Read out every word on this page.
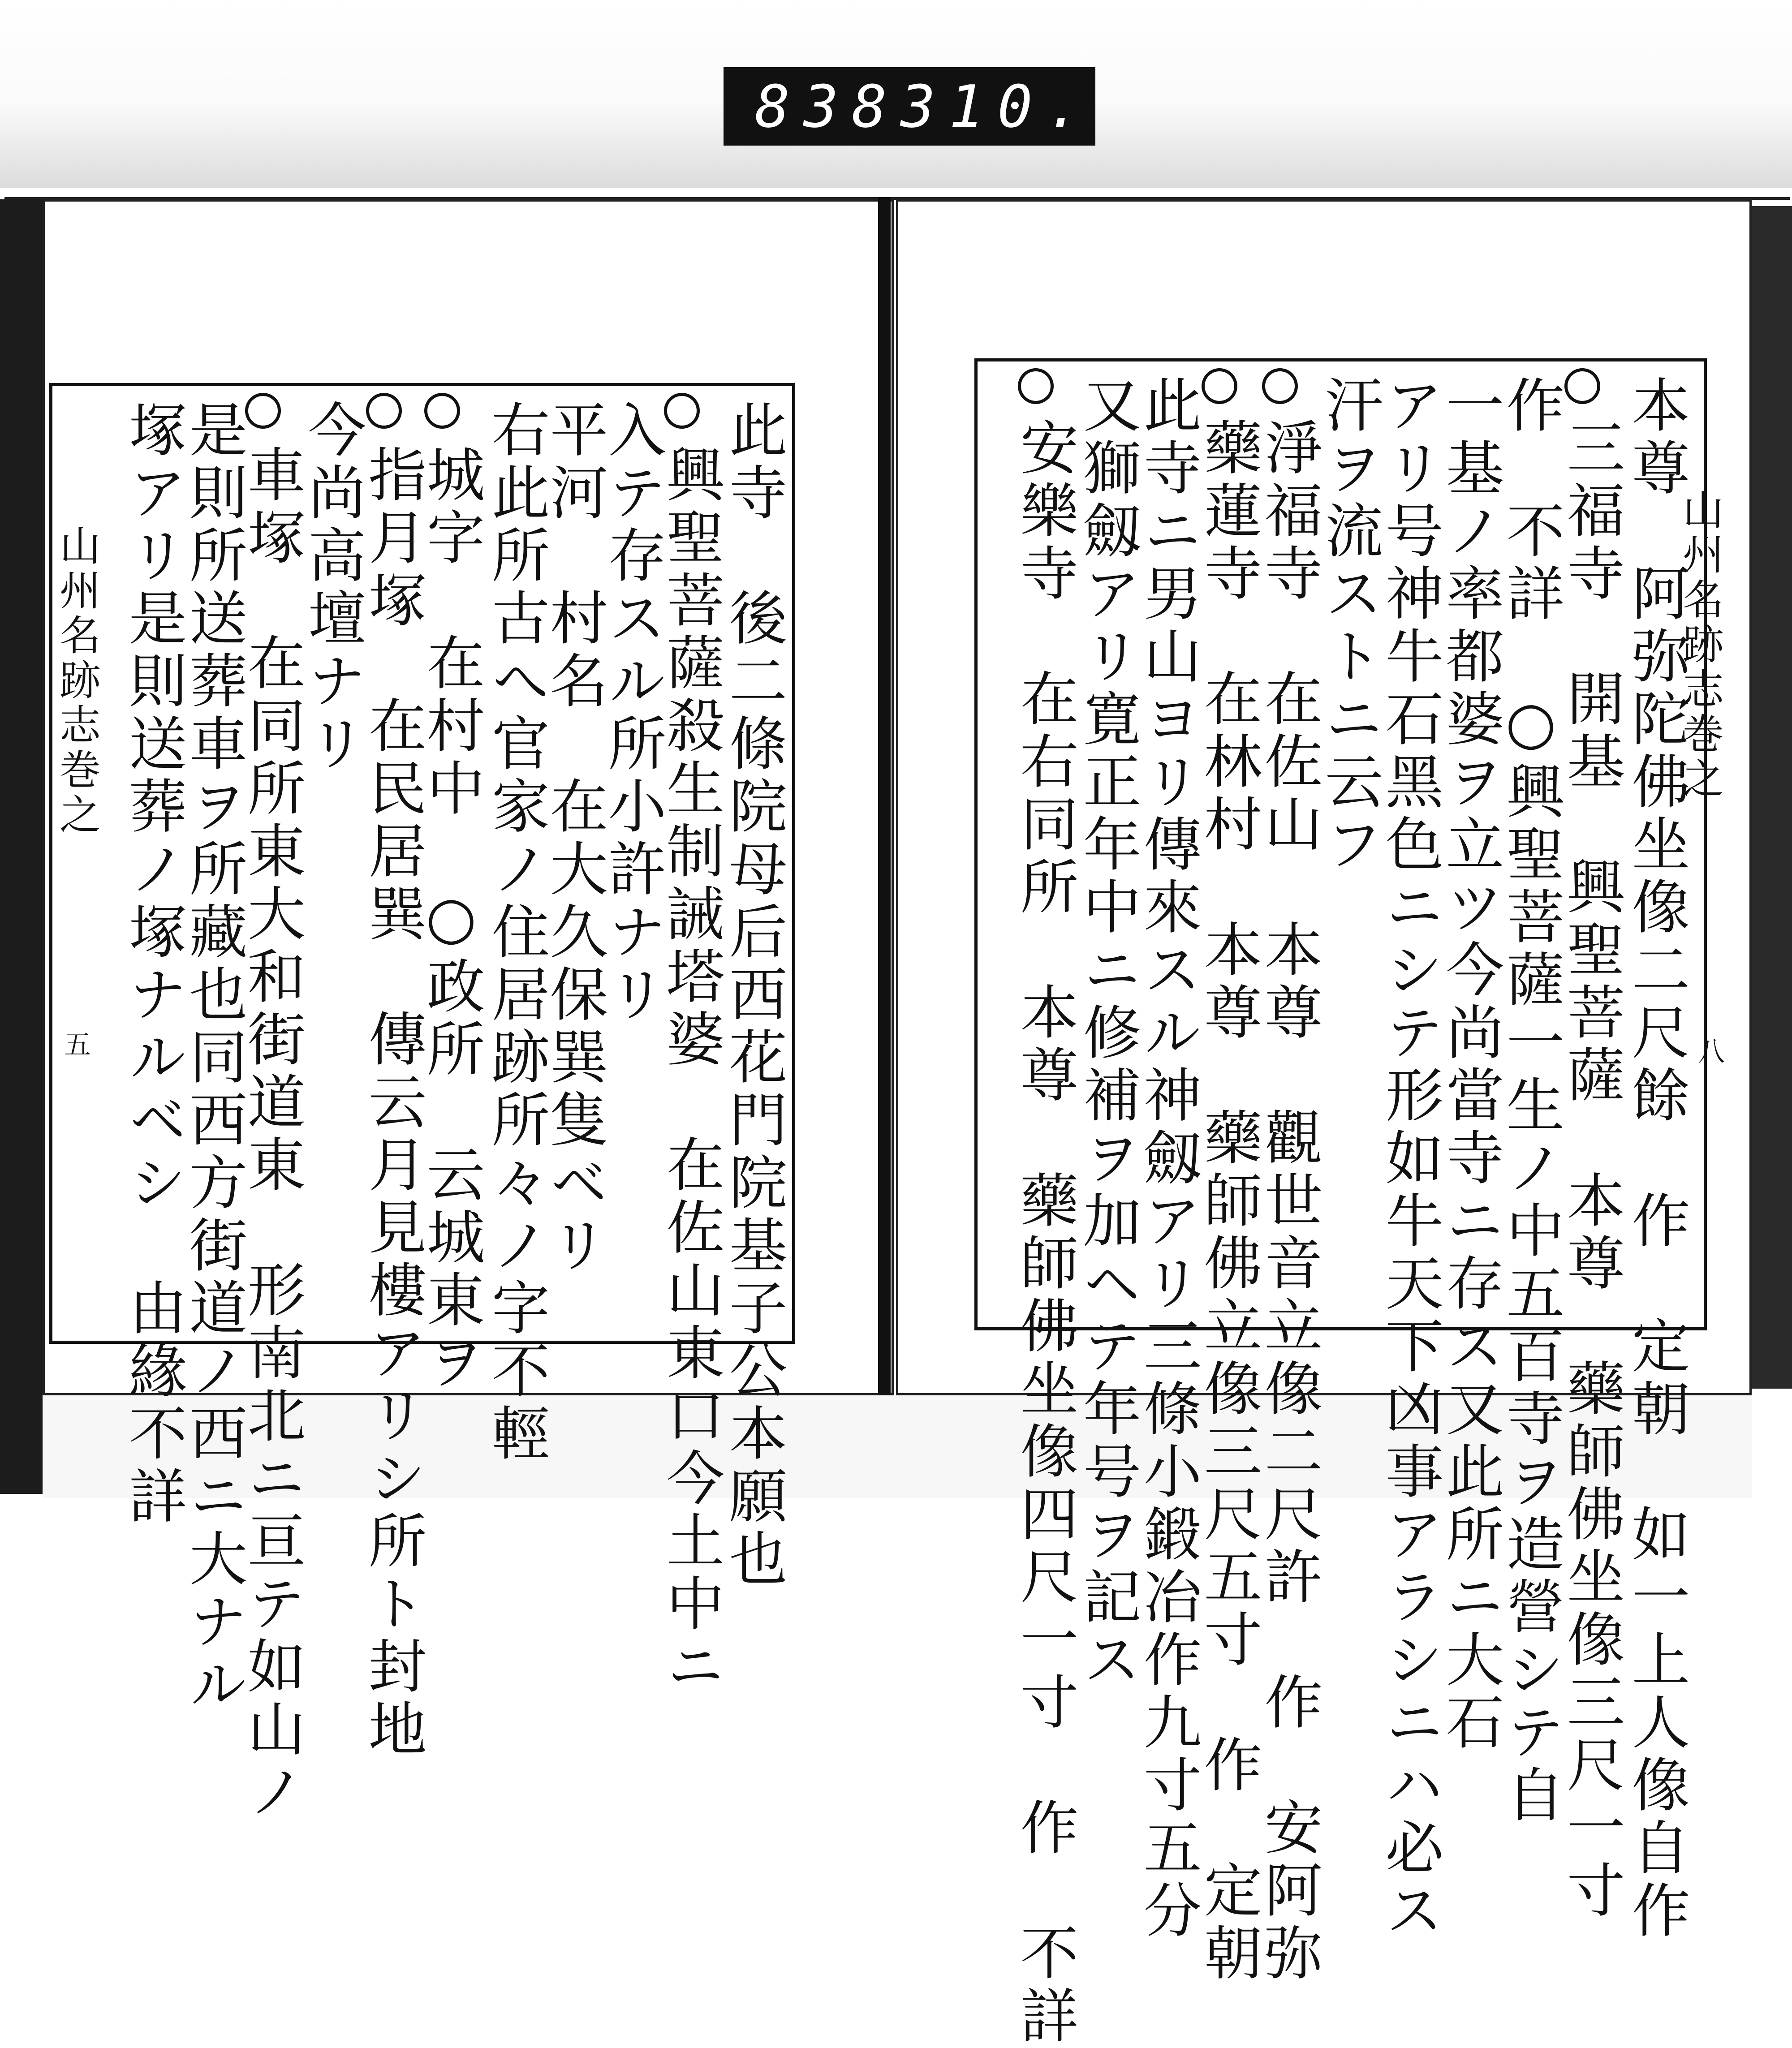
838 310.
此寺　後二條院母后西花門院基子公本願也
興聖菩薩殺生制誡塔婆　在佐山東口今土中ニ
入テ存スル所小許ナリ
平河　村名　在大久保巽隻ベリ
右此所古へ官家ノ住居跡所々ノ字不輕
城字　在村中　○政所　云城東ヲ
指月塚　在民居巽　傳云月見樓アリシ所ト封地
今尚高壇ナリ
車塚　在同所東大和街道東　形南北ニ亘テ如山ノ
是則所送葬車ヲ所藏也同西方街道ノ西ニ大ナル
塚アリ是則送葬ノ塚ナルベシ　由緣不詳
山州名跡志巻之
五	本尊　阿弥陀佛坐像二尺餘　作　定朝　如一上人像自作
三福寺　開基　興聖菩薩　本尊　藥師佛坐像三尺一寸
作　不詳　○興聖菩薩一生ノ中五百寺ヲ造營シテ自
一基ノ率都婆ヲ立ツ今尚當寺ニ存ス又此所ニ大石
アリ号神牛石黑色ニシテ形如牛天下凶事アラシニハ必ス
汗ヲ流ストニ云フ
淨福寺　在佐山　本尊　觀世音立像二尺許　作　安阿弥
藥蓮寺　在林村　本尊　藥師佛立像三尺五寸　作　定朝
此寺ニ男山ヨリ傳來スル神劔アリ三條小鍛冶作九寸五分
又獅劔アリ寛正年中ニ修補ヲ加ヘテ年号ヲ記ス
安樂寺　在右同所　本尊　藥師佛坐像四尺一寸　作　不詳	山州名跡志巻之
八
